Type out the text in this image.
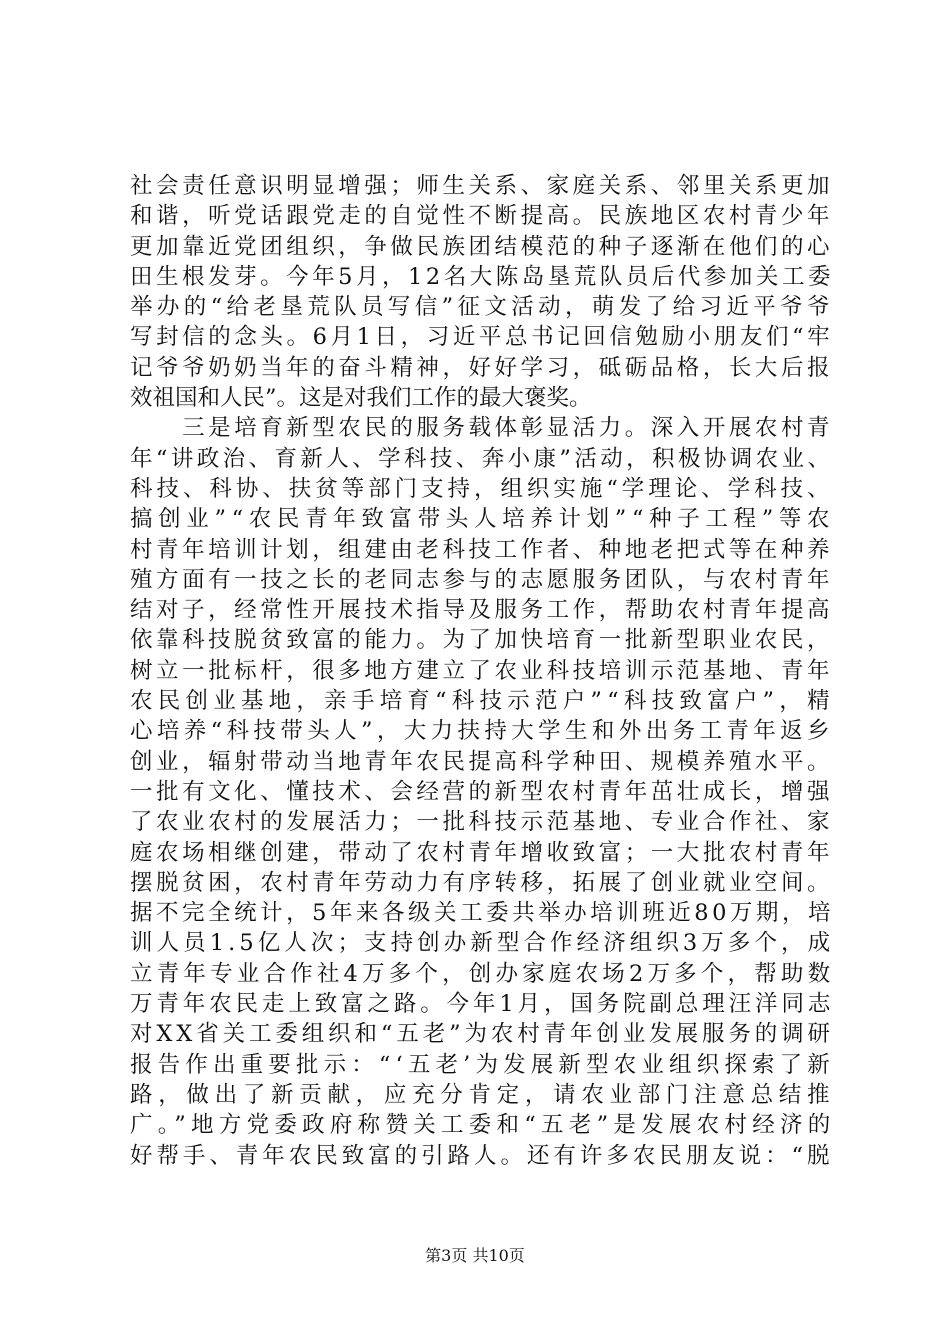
社会责任意识明显增强；师生关系、家庭关系、邻里关系更加
和谐，听党话跟党走的自觉性不断提高。民族地区农村青少年
更加靠近党团组织，争做民族团结模范的种子逐渐在他们的心
田生根发芽。今年5月，12名大陈岛垦荒队员后代参加关工委
举办的“给老垦荒队员写信”征文活动，萌发了给习近平爷爷
写封信的念头。6月1日，习近平总书记回信勉励小朋友们“牢
记爷爷奶奶当年的奋斗精神，好好学习，砥砺品格，长大后报
效祖国和人民”。这是对我们工作的最大褒奖。
　　三是培育新型农民的服务载体彰显活力。深入开展农村青
年“讲政治、育新人、学科技、奔小康”活动，积极协调农业、
科技、科协、扶贫等部门支持，组织实施“学理论、学科技、
搞创业”“农民青年致富带头人培养计划”“种子工程”等农
村青年培训计划，组建由老科技工作者、种地老把式等在种养
殖方面有一技之长的老同志参与的志愿服务团队，与农村青年
结对子，经常性开展技术指导及服务工作，帮助农村青年提高
依靠科技脱贫致富的能力。为了加快培育一批新型职业农民，
树立一批标杆，很多地方建立了农业科技培训示范基地、青年
农民创业基地，亲手培育“科技示范户”“科技致富户”，精
心培养“科技带头人”，大力扶持大学生和外出务工青年返乡
创业，辐射带动当地青年农民提高科学种田、规模养殖水平。
一批有文化、懂技术、会经营的新型农村青年茁壮成长，增强
了农业农村的发展活力；一批科技示范基地、专业合作社、家
庭农场相继创建，带动了农村青年增收致富；一大批农村青年
摆脱贫困，农村青年劳动力有序转移，拓展了创业就业空间。
据不完全统计，5年来各级关工委共举办培训班近80万期，培
训人员1.5亿人次；支持创办新型合作经济组织3万多个，成
立青年专业合作社4万多个，创办家庭农场2万多个，帮助数
万青年农民走上致富之路。今年1月，国务院副总理汪洋同志
对XX省关工委组织和“五老”为农村青年创业发展服务的调研
报告作出重要批示：“‘五老’为发展新型农业组织探索了新
路，做出了新贡献，应充分肯定，请农业部门注意总结推
广。”地方党委政府称赞关工委和“五老”是发展农村经济的
好帮手、青年农民致富的引路人。还有许多农民朋友说：“脱
第3页 共10页
